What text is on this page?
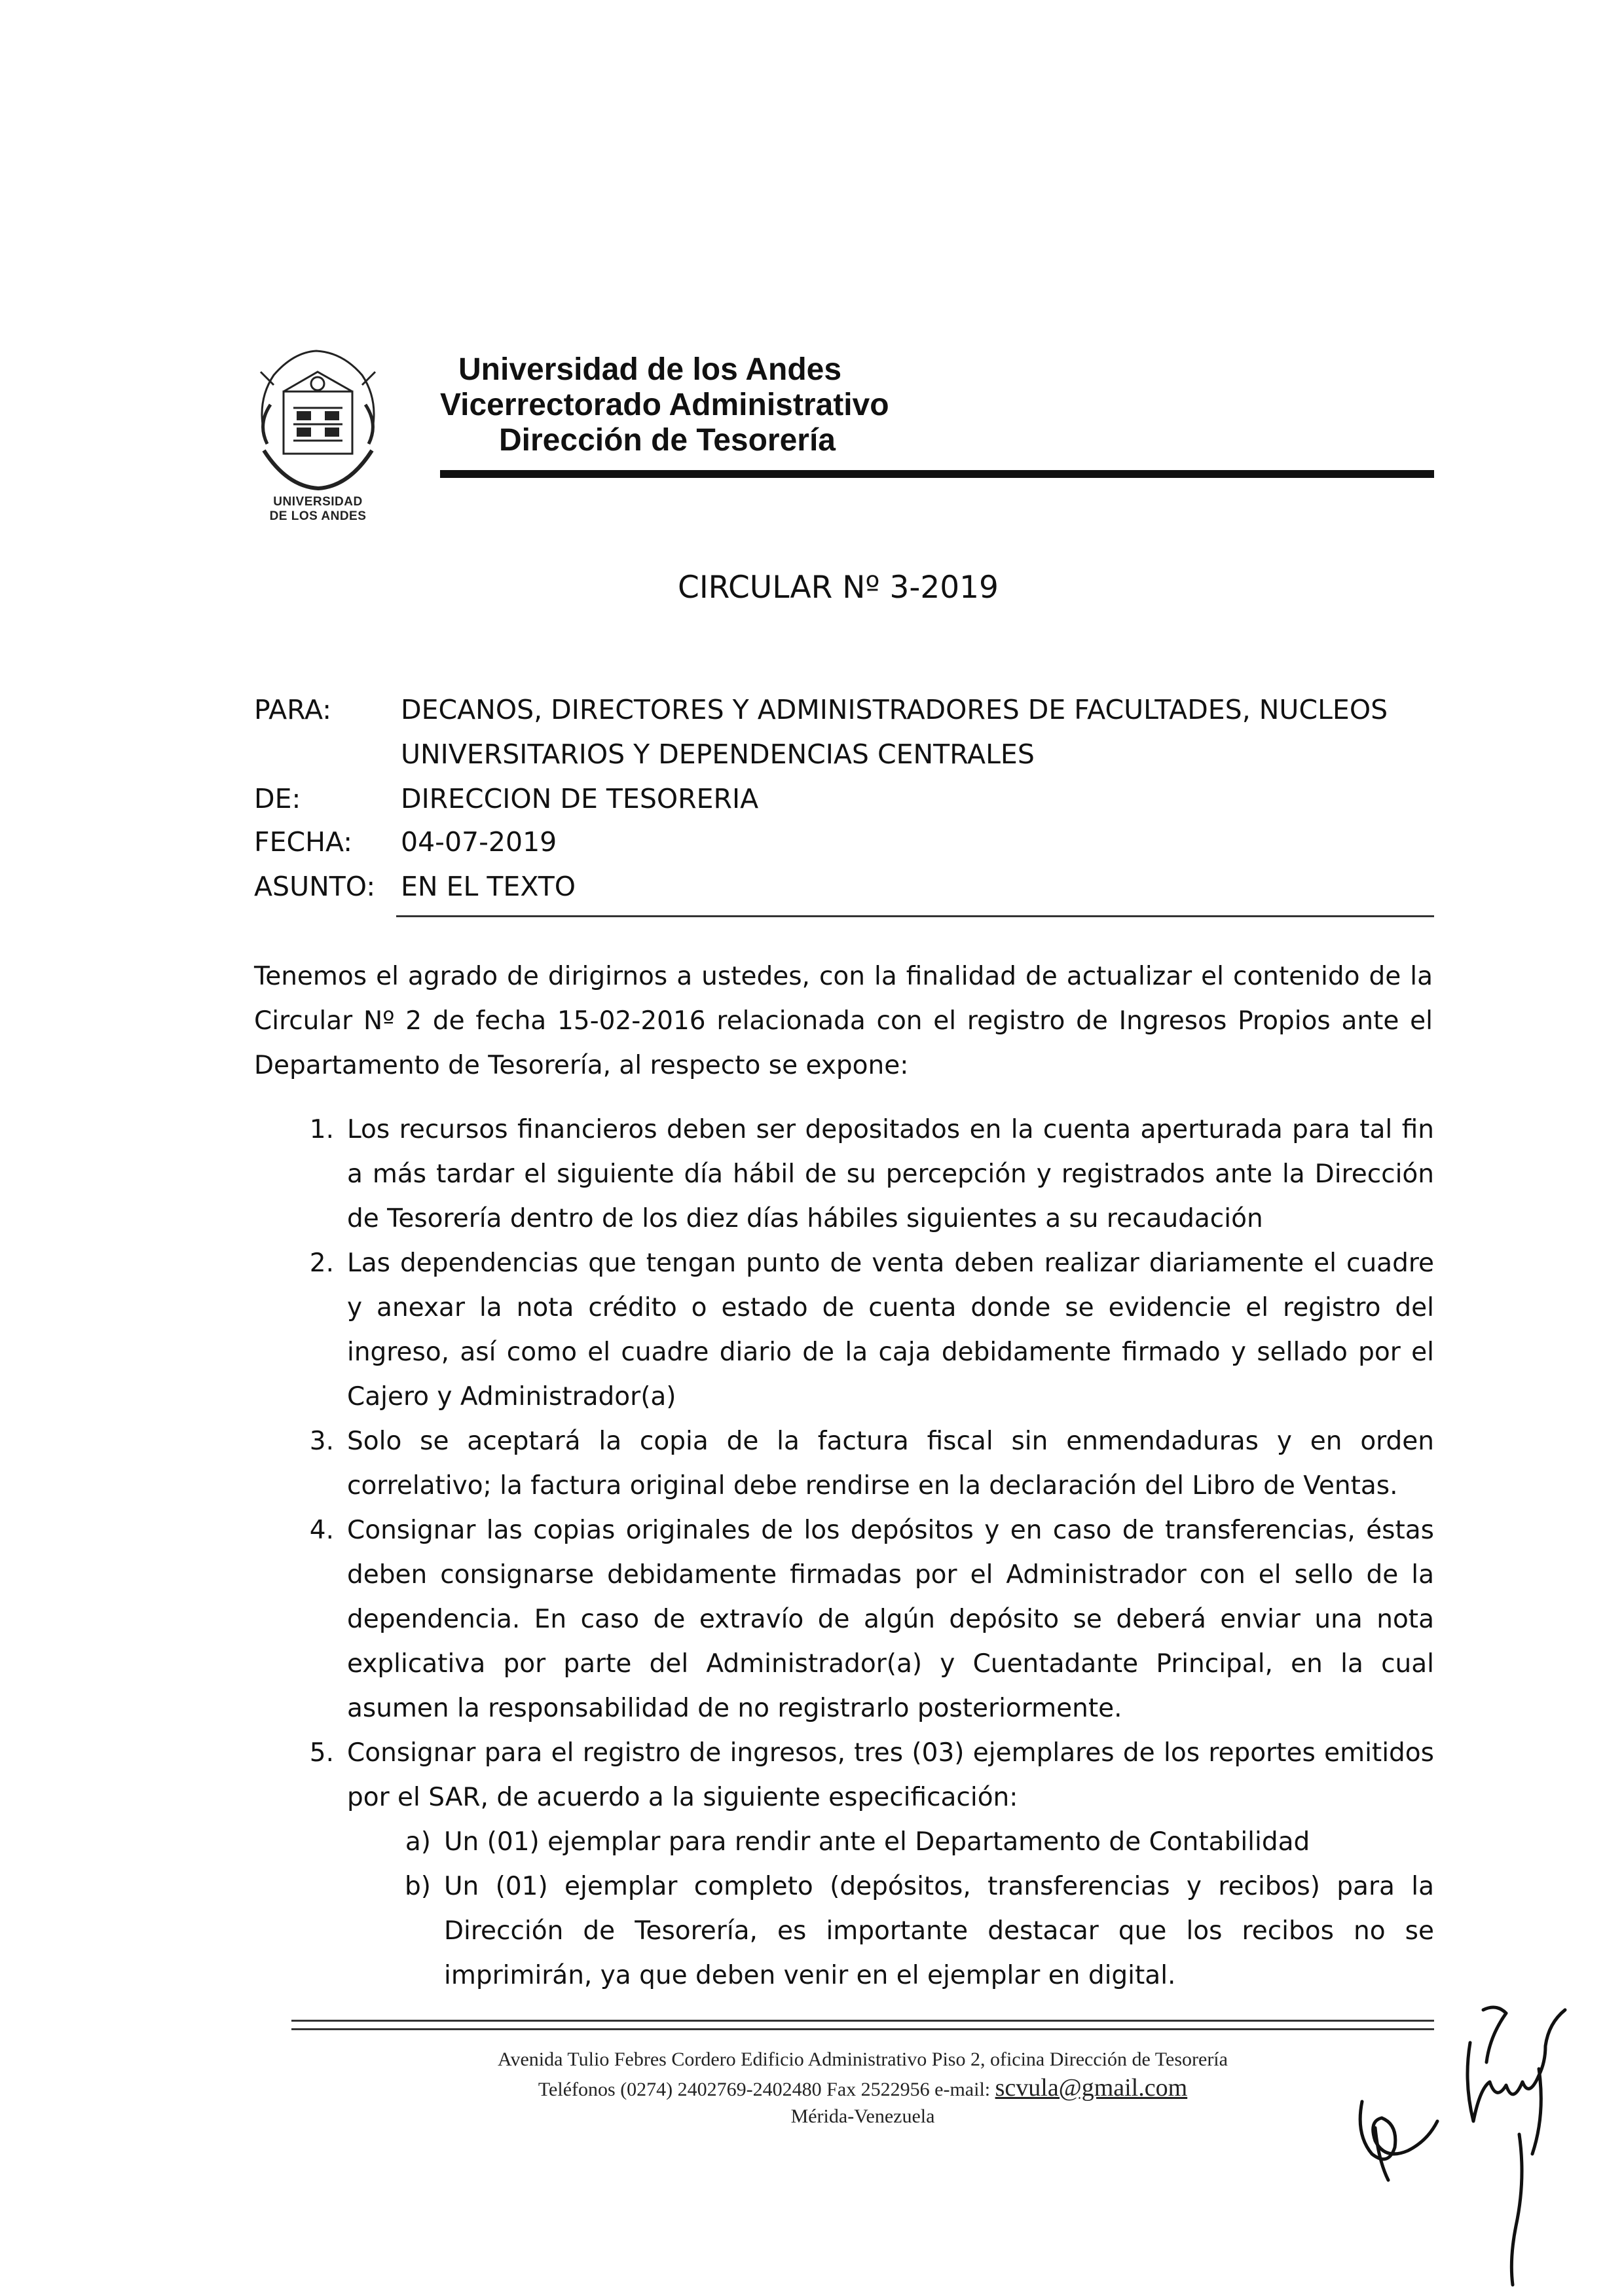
UNIVERSIDAD
DE LOS ANDES
Universidad de los Andes
Vicerrectorado Administrativo
Dirección de Tesorería
CIRCULAR Nº 3-2019
PARA:	DECANOS, DIRECTORES Y ADMINISTRADORES DE FACULTADES, NUCLEOS
UNIVERSITARIOS Y DEPENDENCIAS CENTRALES
DE:	DIRECCION DE TESORERIA
FECHA: 04-07-2019
ASUNTO: EN EL TEXTO
Tenemos el agrado de dirigirnos a ustedes, con la finalidad de actualizar el contenido de la Circular Nº 2 de fecha 15-02-2016 relacionada con el registro de Ingresos Propios ante el Departamento de Tesorería, al respecto se expone:
1. Los recursos financieros deben ser depositados en la cuenta aperturada para tal fin a más tardar el siguiente día hábil de su percepción y registrados ante la Dirección de Tesorería dentro de los diez días hábiles siguientes a su recaudación
2. Las dependencias que tengan punto de venta deben realizar diariamente el cuadre y anexar la nota crédito o estado de cuenta donde se evidencie el registro del ingreso, así como el cuadre diario de la caja debidamente firmado y sellado por el Cajero y Administrador(a)
3. Solo se aceptará la copia de la factura fiscal sin enmendaduras y en orden correlativo; la factura original debe rendirse en la declaración del Libro de Ventas.
4. Consignar las copias originales de los depósitos y en caso de transferencias, éstas deben consignarse debidamente firmadas por el Administrador con el sello de la dependencia. En caso de extravío de algún depósito se deberá enviar una nota explicativa por parte del Administrador(a) y Cuentadante Principal, en la cual asumen la responsabilidad de no registrarlo posteriormente.
5. Consignar para el registro de ingresos, tres (03) ejemplares de los reportes emitidos por el SAR, de acuerdo a la siguiente especificación:
a) Un (01) ejemplar para rendir ante el Departamento de Contabilidad
b) Un (01) ejemplar completo (depósitos, transferencias y recibos) para la Dirección de Tesorería, es importante destacar que los recibos no se imprimirán, ya que deben venir en el ejemplar en digital.
Avenida Tulio Febres Cordero Edificio Administrativo Piso 2, oficina Dirección de Tesorería
Teléfonos (0274) 2402769-2402480 Fax 2522956 e-mail: scvula@gmail.com
Mérida-Venezuela
